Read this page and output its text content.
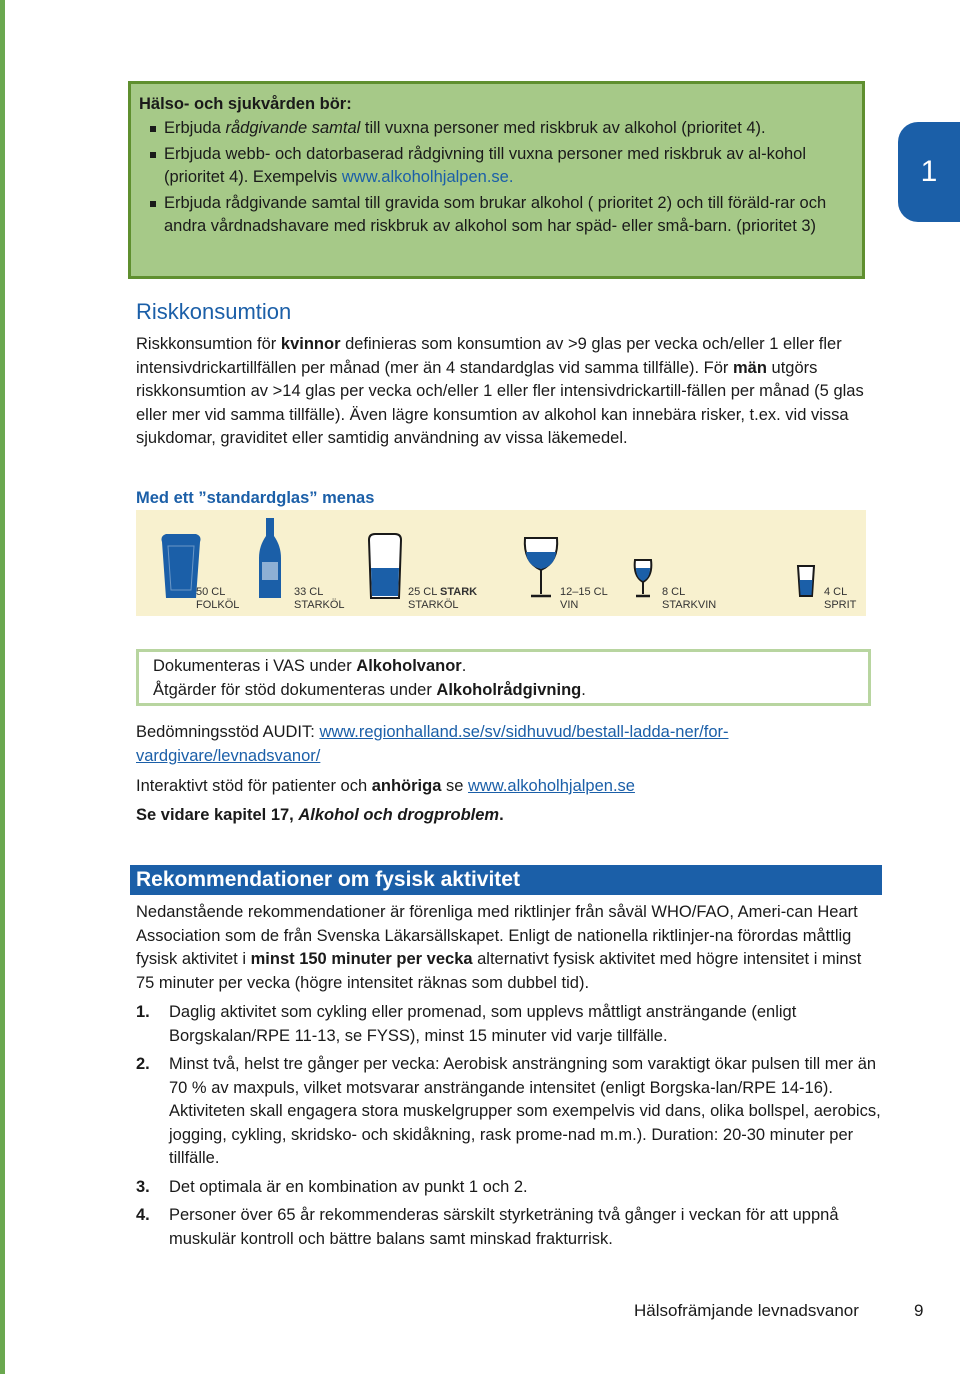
1
Hälso- och sjukvården bör:
Erbjuda rådgivande samtal till vuxna personer med riskbruk av alkohol (prioritet 4).
Erbjuda webb- och datorbaserad rådgivning till vuxna personer med riskbruk av al-kohol (prioritet 4). Exempelvis www.alkoholhjalpen.se.
Erbjuda rådgivande samtal till gravida som brukar alkohol ( prioritet 2) och till föräld-rar och andra vårdnadshavare med riskbruk av alkohol som har späd- eller små-barn. (prioritet 3)
Riskkonsumtion

Riskkonsumtion för kvinnor definieras som konsumtion av >9 glas per vecka och/eller 1 eller fler intensivdrickartillfällen per månad (mer än 4 standardglas vid samma tillfälle). För män utgörs riskkonsumtion av >14 glas per vecka och/eller 1 eller fler intensivdrickartill-fällen per månad (5 glas eller mer vid samma tillfälle). Även lägre konsumtion av alkohol kan innebära risker, t.ex. vid vissa sjukdomar, graviditet eller samtidig användning av vissa läkemedel.

Med ett ”standardglas” menas
50 CL
FOLKÖL
33 CL
STARKÖL
25 CL STARK
STARKÖL
12–15 CL
VIN
8 CL
STARKVIN
4 CL
SPRIT
Dokumenteras i VAS under Alkoholvanor.
Åtgärder för stöd dokumenteras under Alkoholrådgivning.

Bedömningsstöd AUDIT: www.regionhalland.se/sv/sidhuvud/bestall-ladda-ner/for-vardgivare/levnadsvanor/

Interaktivt stöd för patienter och anhöriga se www.alkoholhjalpen.se

Se vidare kapitel 17, Alkohol och drogproblem.

Rekommendationer om fysisk aktivitet

Nedanstående rekommendationer är förenliga med riktlinjer från såväl WHO/FAO, Ameri-can Heart Association som de från Svenska Läkarsällskapet. Enligt de nationella riktlinjer-na förordas måttlig fysisk aktivitet i minst 150 minuter per vecka alternativt fysisk aktivitet med högre intensitet i minst 75 minuter per vecka (högre intensitet räknas som dubbel tid).

1. Daglig aktivitet som cykling eller promenad, som upplevs måttligt ansträngande (enligt Borgskalan/RPE 11-13, se FYSS), minst 15 minuter vid varje tillfälle.
2. Minst två, helst tre gånger per vecka: Aerobisk ansträngning som varaktigt ökar pulsen till mer än 70 % av maxpuls, vilket motsvarar ansträngande intensitet (enligt Borgska-lan/RPE 14-16). Aktiviteten skall engagera stora muskelgrupper som exempelvis vid dans, olika bollspel, aerobics, jogging, cykling, skridsko- och skidåkning, rask prome-nad m.m.). Duration: 20-30 minuter per tillfälle.
3. Det optimala är en kombination av punkt 1 och 2.
4. Personer över 65 år rekommenderas särskilt styrketräning två gånger i veckan för att uppnå muskulär kontroll och bättre balans samt minskad frakturrisk.
Hälsofrämjande levnadsvanor	9
